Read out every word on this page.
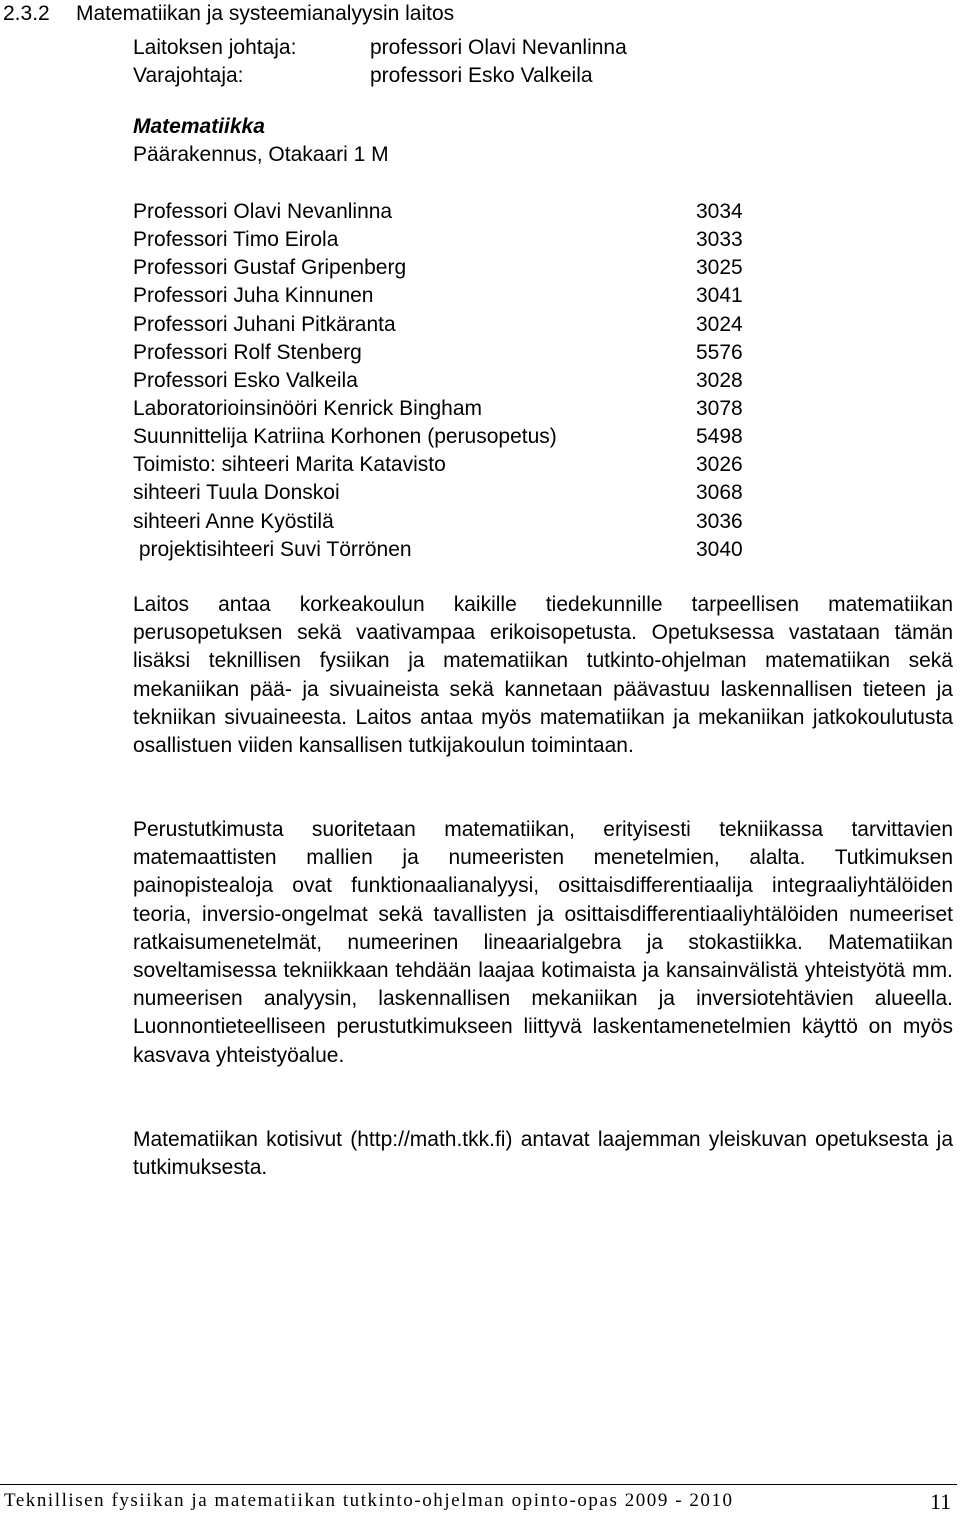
2.3.2 Matematiikan ja systeemianalyysin laitos
Laitoksen johtaja:	professori Olavi Nevanlinna
Varajohtaja:	professori Esko Valkeila
Matematiikka
Päärakennus, Otakaari 1 M
Professori Olavi Nevanlinna	3034
Professori Timo Eirola	3033
Professori Gustaf Gripenberg	3025
Professori Juha Kinnunen	3041
Professori Juhani Pitkäranta	3024
Professori Rolf Stenberg	5576
Professori Esko Valkeila	3028
Laboratorioinsinööri Kenrick Bingham	3078
Suunnittelija Katriina Korhonen (perusopetus)	5498
Toimisto: sihteeri Marita Katavisto	3026
sihteeri Tuula Donskoi	3068
sihteeri Anne Kyöstilä	3036
projektisihteeri Suvi Törrönen	3040

Laitos antaa korkeakoulun kaikille tiedekunnille tarpeellisen matematiikan perusopetuksen sekä vaativampaa erikoisopetusta. Opetuksessa vastataan tämän lisäksi teknillisen fysiikan ja matematiikan tutkinto-ohjelman matematiikan sekä mekaniikan pää- ja sivuaineista sekä kannetaan päävastuu laskennallisen tieteen ja tekniikan sivuaineesta. Laitos antaa myös matematiikan ja mekaniikan jatkokoulutusta osallistuen viiden kansallisen tutkijakoulun toimintaan.

Perustutkimusta suoritetaan matematiikan, erityisesti tekniikassa tarvittavien matemaattisten mallien ja numeeristen menetelmien, alalta. Tutkimuksen painopistealoja ovat funktionaalianalyysi, osittaisdifferentiaalija integraaliyhtälöiden teoria, inversio-ongelmat sekä tavallisten ja osittaisdifferentiaaliyhtälöiden numeeriset ratkaisumenetelmät, numeerinen lineaarialgebra ja stokastiikka. Matematiikan soveltamisessa tekniikkaan tehdään laajaa kotimaista ja kansainvälistä yhteistyötä mm. numeerisen analyysin, laskennallisen mekaniikan ja inversiotehtävien alueella. Luonnontieteelliseen perustutkimukseen liittyvä laskentamenetelmien käyttö on myös kasvava yhteistyöalue.

Matematiikan kotisivut (http://math.tkk.fi) antavat laajemman yleiskuvan opetuksesta ja tutkimuksesta.

Teknillisen fysiikan ja matematiikan tutkinto-ohjelman opinto-opas 2009 - 2010	11
